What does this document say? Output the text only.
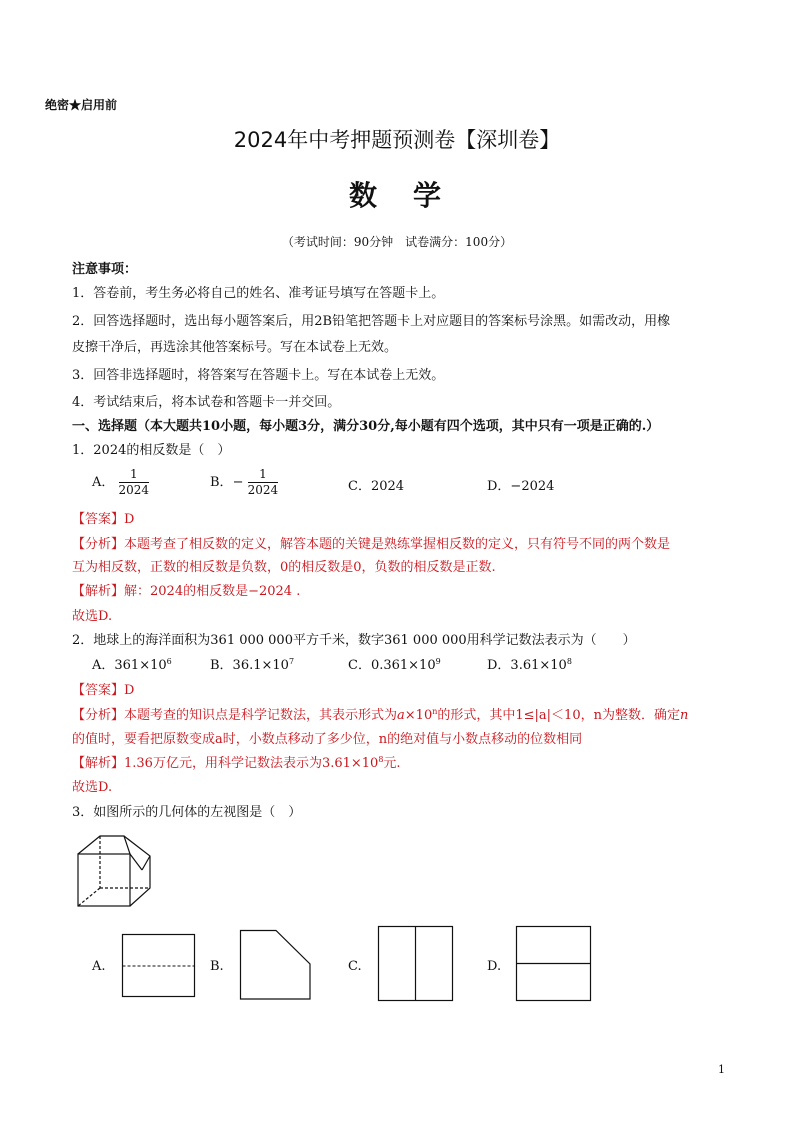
绝密★启用前
2024年中考押题预测卷【深圳卷】
数　学
（考试时间：90分钟　试卷满分：100分）
注意事项：
1．答卷前，考生务必将自己的姓名、准考证号填写在答题卡上。
2．回答选择题时，选出每小题答案后，用2B铅笔把答题卡上对应题目的答案标号涂黑。如需改动，用橡
皮擦干净后，再选涂其他答案标号。写在本试卷上无效。
3．回答非选择题时，将答案写在答题卡上。写在本试卷上无效。
4．考试结束后，将本试卷和答题卡一并交回。
一、选择题（本大题共10小题，每小题3分，满分30分,每小题有四个选项，其中只有一项是正确的.）
1．2024的相反数是（　）
A． $\frac{1}{2024}$	B．− $\frac{1}{2024}$	C．2024	D．−2024
【答案】D
【分析】本题考查了相反数的定义，解答本题的关键是熟练掌握相反数的定义，只有符号不同的两个数是
互为相反数，正数的相反数是负数，0的相反数是0，负数的相反数是正数.
【解析】解：2024的相反数是−2024 .
故选D.
2．地球上的海洋面积为361 000 000平方千米，数字361 000 000用科学记数法表示为（　　）
A．$361\times 10^6$	B．$36.1\times 10^7$	C．$0.361\times 10^9$	D．$3.61\times 10^8$
【答案】D
【分析】本题考查的知识点是科学记数法，其表示形式为$a\times 10^n$的形式，其中1≤|a|＜10，n为整数．确定n
的值时，要看把原数变成a时，小数点移动了多少位，n的绝对值与小数点移动的位数相同
【解析】1.36万亿元，用科学记数法表示为$3.61\times 10^8$元.
故选D.
3．如图所示的几何体的左视图是（　）
A.	B.	C.	D.
1
